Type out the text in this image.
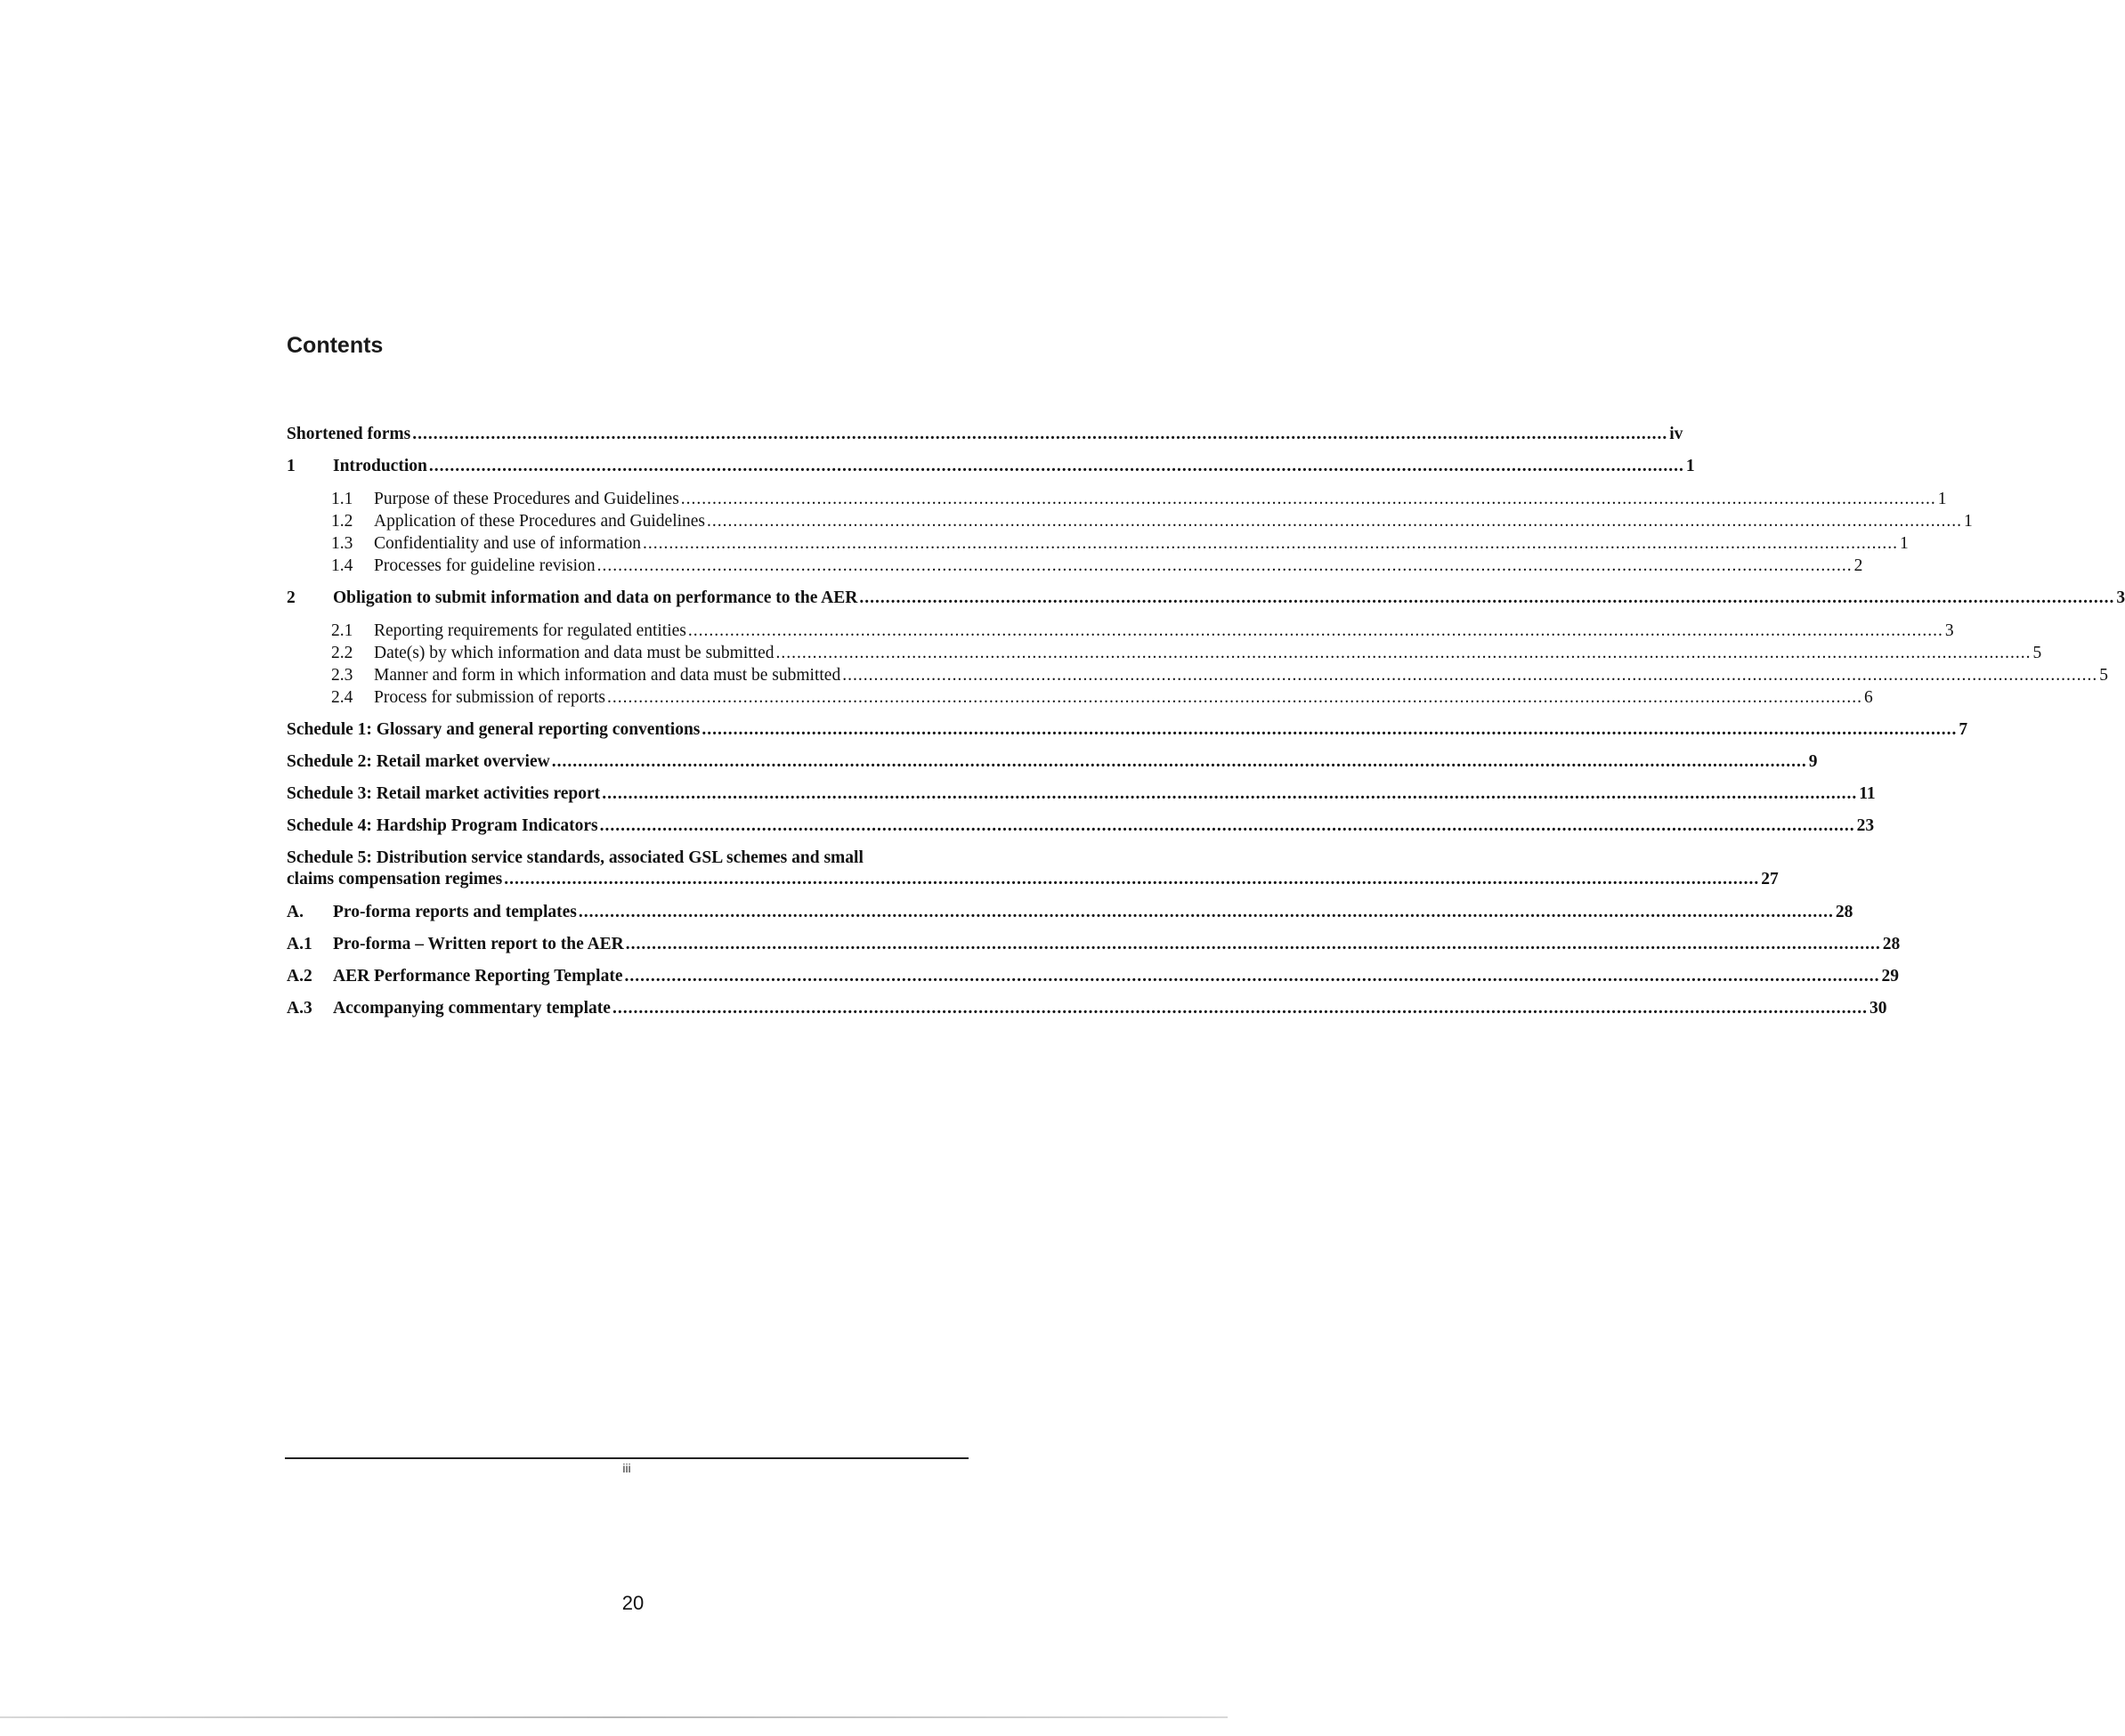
Contents
Shortened forms .....	iv
1	Introduction .....	1
1.1	Purpose of these Procedures and Guidelines .....	1
1.2	Application of these Procedures and Guidelines .....	1
1.3	Confidentiality and use of information .....	1
1.4	Processes for guideline revision .....	2
2	Obligation to submit information and data on performance to the AER .....	3
2.1	Reporting requirements for regulated entities .....	3
2.2	Date(s) by which information and data must be submitted .....	5
2.3	Manner and form in which information and data must be submitted .....	5
2.4	Process for submission of reports .....	6
Schedule 1: Glossary and general reporting conventions .....	7
Schedule 2: Retail market overview .....	9
Schedule 3: Retail market activities report .....	11
Schedule 4: Hardship Program Indicators .....	23
Schedule 5: Distribution service standards, associated GSL schemes and small
claims compensation regimes .....	27
A.	Pro-forma reports and templates .....	28
A.1	Pro-forma – Written report to the AER .....	28
A.2	AER Performance Reporting Template .....	29
A.3	Accompanying commentary template .....	30
iii
20
